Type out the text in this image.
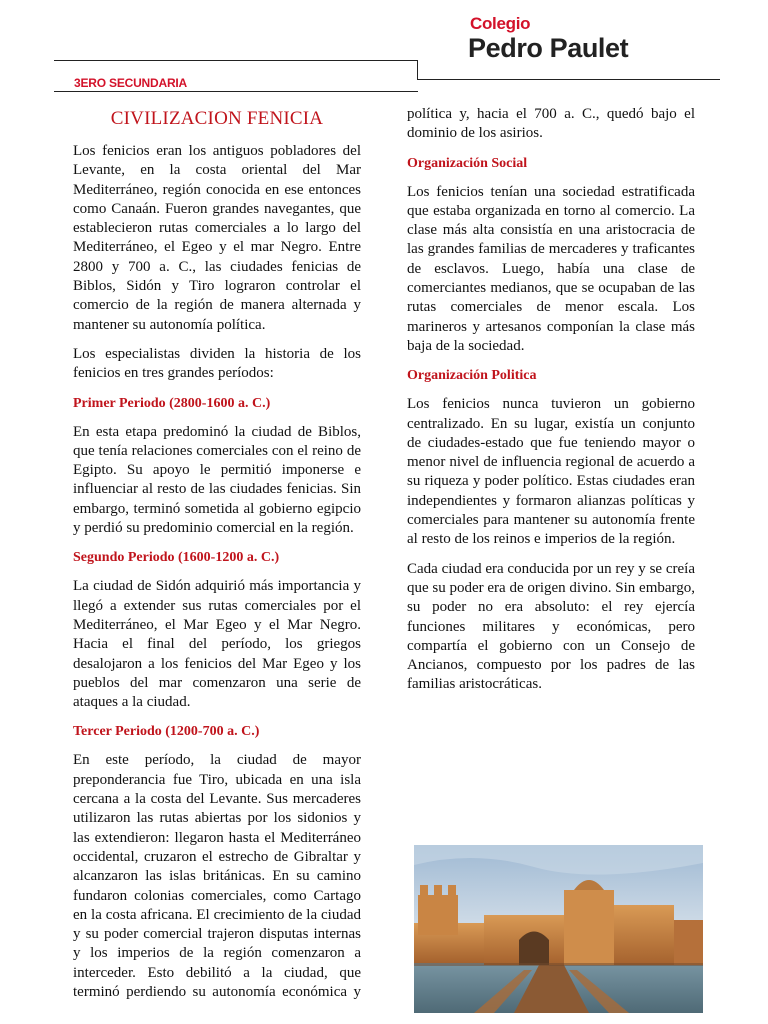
Colegio
Pedro Paulet
3ERO SECUNDARIA
CIVILIZACION FENICIA

Los fenicios eran los antiguos pobladores del Levante, en la costa oriental del Mar Mediterráneo, región conocida en ese entonces como Canaán. Fueron grandes navegantes, que establecieron rutas comerciales a lo largo del Mediterráneo, el Egeo y el mar Negro. Entre 2800 y 700 a. C., las ciudades fenicias de Biblos, Sidón y Tiro lograron controlar el comercio de la región de manera alternada y mantener su autonomía política.

Los especialistas dividen la historia de los fenicios en tres grandes períodos:

Primer Periodo (2800-1600 a. C.)

En esta etapa predominó la ciudad de Biblos, que tenía relaciones comerciales con el reino de Egipto. Su apoyo le permitió imponerse e influenciar al resto de las ciudades fenicias. Sin embargo, terminó sometida al gobierno egipcio y perdió su predominio comercial en la región.

Segundo Periodo (1600-1200 a. C.)

La ciudad de Sidón adquirió más importancia y llegó a extender sus rutas comerciales por el Mediterráneo, el Mar Egeo y el Mar Negro. Hacia el final del período, los griegos desalojaron a los fenicios del Mar Egeo y los pueblos del mar comenzaron una serie de ataques a la ciudad.

Tercer Periodo (1200-700 a. C.)

En este período, la ciudad de mayor preponderancia fue Tiro, ubicada en una isla cercana a la costa del Levante. Sus mercaderes utilizaron las rutas abiertas por los sidonios y las extendieron: llegaron hasta el Mediterráneo occidental, cruzaron el estrecho de Gibraltar y alcanzaron las islas británicas. En su camino fundaron colonias comerciales, como Cartago en la costa africana. El crecimiento de la ciudad y su poder comercial trajeron disputas internas y los imperios de la región comenzaron a interceder. Esto debilitó a la ciudad, que terminó perdiendo su autonomía económica y

política y, hacia el 700 a. C., quedó bajo el dominio de los asirios.

Organización Social

Los fenicios tenían una sociedad estratificada que estaba organizada en torno al comercio. La clase más alta consistía en una aristocracia de las grandes familias de mercaderes y traficantes de esclavos. Luego, había una clase de comerciantes medianos, que se ocupaban de las rutas comerciales de menor escala. Los marineros y artesanos componían la clase más baja de la sociedad.

Organización Politica

Los fenicios nunca tuvieron un gobierno centralizado. En su lugar, existía un conjunto de ciudades-estado que fue teniendo mayor o menor nivel de influencia regional de acuerdo a su riqueza y poder político. Estas ciudades eran independientes y formaron alianzas políticas y comerciales para mantener su autonomía frente al resto de los reinos e imperios de la región.

Cada ciudad era conducida por un rey y se creía que su poder era de origen divino. Sin embargo, su poder no era absoluto: el rey ejercía funciones militares y económicas, pero compartía el gobierno con un Consejo de Ancianos, compuesto por los padres de las familias aristocráticas.
